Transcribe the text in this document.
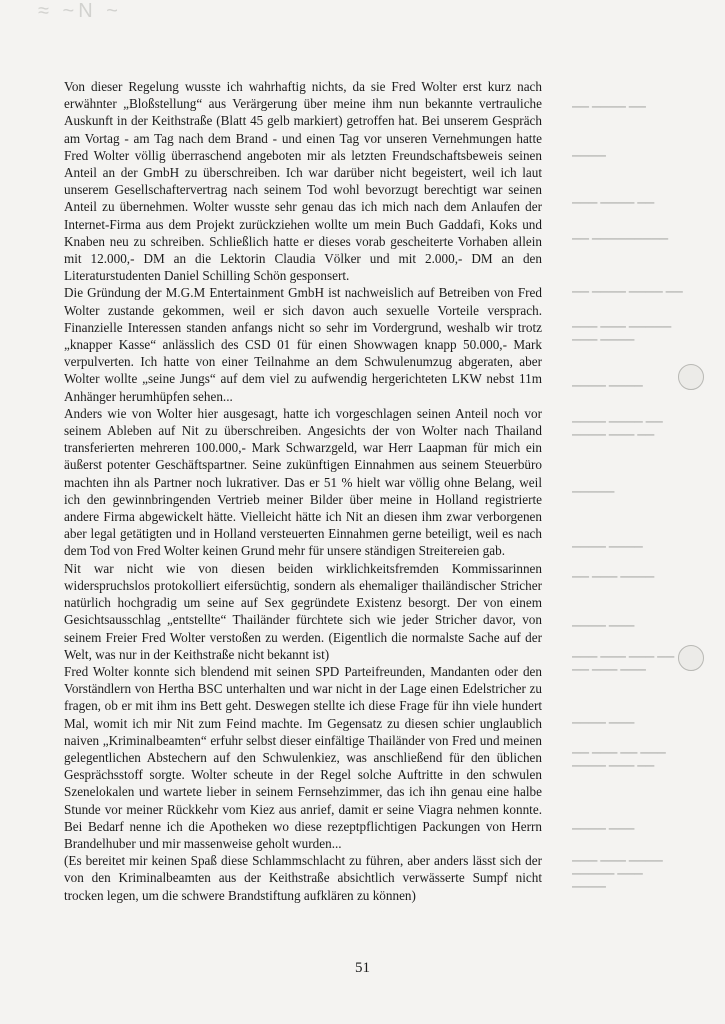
≈ ~N ~
▁▁ ▁▁▁▁ ▁▁
▁▁▁▁
▁▁▁ ▁▁▁▁ ▁▁
▁▁ ▁▁▁▁▁▁▁▁▁
▁▁ ▁▁▁▁ ▁▁▁▁ ▁▁
▁▁▁ ▁▁▁ ▁▁▁▁▁
▁▁▁ ▁▁▁▁
▁▁▁▁ ▁▁▁▁
▁▁▁▁ ▁▁▁▁ ▁▁
▁▁▁▁ ▁▁▁ ▁▁
▁▁▁▁▁
▁▁▁▁ ▁▁▁▁
▁▁ ▁▁▁ ▁▁▁▁
▁▁▁▁ ▁▁▁
▁▁▁ ▁▁▁ ▁▁▁ ▁▁
▁▁ ▁▁▁ ▁▁▁
▁▁▁▁ ▁▁▁
▁▁ ▁▁▁ ▁▁ ▁▁▁
▁▁▁▁ ▁▁▁ ▁▁
▁▁▁▁ ▁▁▁
▁▁▁ ▁▁▁ ▁▁▁▁
▁▁▁▁▁ ▁▁▁
▁▁▁▁

Von dieser Regelung wusste ich wahrhaftig nichts, da sie Fred Wolter erst kurz nach erwähnter „Bloßstellung“ aus Verärgerung über meine ihm nun bekannte vertrauliche Auskunft in der Keithstraße (Blatt 45 gelb markiert) getroffen hat. Bei unserem Gespräch am Vortag - am Tag nach dem Brand - und einen Tag vor unseren Vernehmungen hatte Fred Wolter völlig überraschend angeboten mir als letzten Freundschaftsbeweis seinen Anteil an der GmbH zu überschreiben. Ich war darüber nicht begeistert, weil ich laut unserem Gesellschaftervertrag nach seinem Tod wohl bevorzugt berechtigt war seinen Anteil zu übernehmen. Wolter wusste sehr genau das ich mich nach dem Anlaufen der Internet-Firma aus dem Projekt zurückziehen wollte um mein Buch Gaddafi, Koks und Knaben neu zu schreiben. Schließlich hatte er dieses vorab gescheiterte Vorhaben allein mit 12.000,- DM an die Lektorin Claudia Völker und mit 2.000,- DM an den Literaturstudenten Daniel Schilling Schön gesponsert.

Die Gründung der M.G.M Entertainment GmbH ist nachweislich auf Betreiben von Fred Wolter zustande gekommen, weil er sich davon auch sexuelle Vorteile versprach. Finanzielle Interessen standen anfangs nicht so sehr im Vordergrund, weshalb wir trotz „knapper Kasse“ anlässlich des CSD 01 für einen Showwagen knapp 50.000,- Mark verpulverten. Ich hatte von einer Teilnahme an dem Schwulenumzug abgeraten, aber Wolter wollte „seine Jungs“ auf dem viel zu aufwendig hergerichteten LKW nebst 11m Anhänger herumhüpfen sehen...

Anders wie von Wolter hier ausgesagt, hatte ich vorgeschlagen seinen Anteil noch vor seinem Ableben auf Nit zu überschreiben. Angesichts der von Wolter nach Thailand transferierten mehreren 100.000,- Mark Schwarzgeld, war Herr Laapman für mich ein äußerst potenter Geschäftspartner. Seine zukünftigen Einnahmen aus seinem Steuerbüro machten ihn als Partner noch lukrativer. Das er 51 % hielt war völlig ohne Belang, weil ich den gewinnbringenden Vertrieb meiner Bilder über meine in Holland registrierte andere Firma abgewickelt hätte. Vielleicht hätte ich Nit an diesen ihm zwar verborgenen aber legal getätigten und in Holland versteuerten Einnahmen gerne beteiligt, weil es nach dem Tod von Fred Wolter keinen Grund mehr für unsere ständigen Streitereien gab.

Nit war nicht wie von diesen beiden wirklichkeitsfremden Kommissarinnen widerspruchslos protokolliert eifersüchtig, sondern als ehemaliger thailändischer Stricher natürlich hochgradig um seine auf Sex gegründete Existenz besorgt. Der von einem Gesichtsausschlag „entstellte“ Thailänder fürchtete sich wie jeder Stricher davor, von seinem Freier Fred Wolter verstoßen zu werden. (Eigentlich die normalste Sache auf der Welt, was nur in der Keithstraße nicht bekannt ist)

Fred Wolter konnte sich blendend mit seinen SPD Parteifreunden, Mandanten oder den Vorständlern von Hertha BSC unterhalten und war nicht in der Lage einen Edelstricher zu fragen, ob er mit ihm ins Bett geht. Deswegen stellte ich diese Frage für ihn viele hundert Mal, womit ich mir Nit zum Feind machte. Im Gegensatz zu diesen schier unglaublich naiven „Kriminalbeamten“ erfuhr selbst dieser einfältige Thailänder von Fred und meinen gelegentlichen Abstechern auf den Schwulenkiez, was anschließend für den üblichen Gesprächsstoff sorgte. Wolter scheute in der Regel solche Auftritte in den schwulen Szenelokalen und wartete lieber in seinem Fernsehzimmer, das ich ihn genau eine halbe Stunde vor meiner Rückkehr vom Kiez aus anrief, damit er seine Viagra nehmen konnte. Bei Bedarf nenne ich die Apotheken wo diese rezeptpflichtigen Packungen von Herrn Brandelhuber und mir massenweise geholt wurden...

(Es bereitet mir keinen Spaß diese Schlammschlacht zu führen, aber anders lässt sich der von den Kriminalbeamten aus der Keithstraße absichtlich verwässerte Sumpf nicht trocken legen, um die schwere Brandstiftung aufklären zu können)

51
